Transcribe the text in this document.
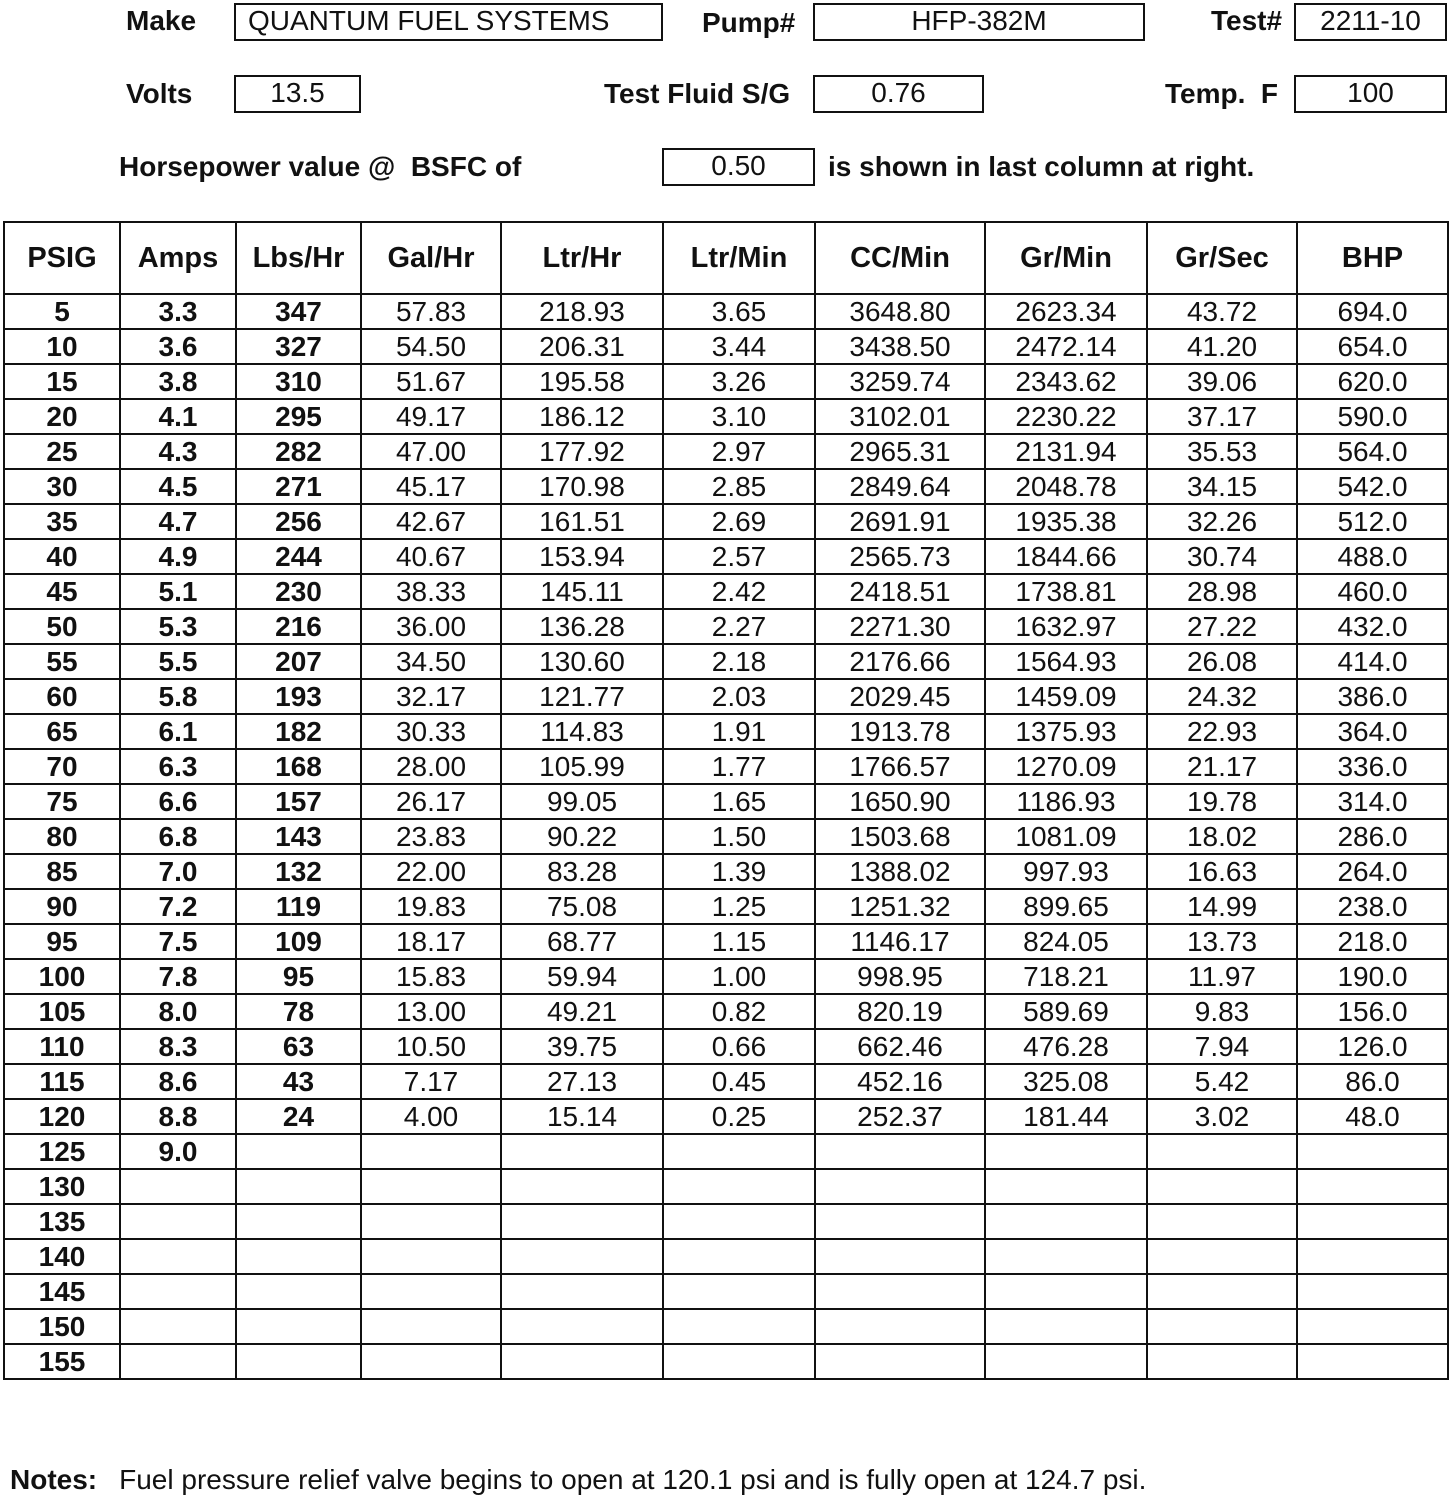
Make	QUANTUM FUEL SYSTEMS	Pump#	HFP-382M	Test#	2211-10
Volts	13.5	Test Fluid S/G	0.76	Temp.  F	100
Horsepower value @  BSFC of	0.50	is shown in last column at right.
PSIG	Amps	Lbs/Hr	Gal/Hr	Ltr/Hr	Ltr/Min	CC/Min	Gr/Min	Gr/Sec	BHP
5	3.3	347	57.83	218.93	3.65	3648.80	2623.34	43.72	694.0
10	3.6	327	54.50	206.31	3.44	3438.50	2472.14	41.20	654.0
15	3.8	310	51.67	195.58	3.26	3259.74	2343.62	39.06	620.0
20	4.1	295	49.17	186.12	3.10	3102.01	2230.22	37.17	590.0
25	4.3	282	47.00	177.92	2.97	2965.31	2131.94	35.53	564.0
30	4.5	271	45.17	170.98	2.85	2849.64	2048.78	34.15	542.0
35	4.7	256	42.67	161.51	2.69	2691.91	1935.38	32.26	512.0
40	4.9	244	40.67	153.94	2.57	2565.73	1844.66	30.74	488.0
45	5.1	230	38.33	145.11	2.42	2418.51	1738.81	28.98	460.0
50	5.3	216	36.00	136.28	2.27	2271.30	1632.97	27.22	432.0
55	5.5	207	34.50	130.60	2.18	2176.66	1564.93	26.08	414.0
60	5.8	193	32.17	121.77	2.03	2029.45	1459.09	24.32	386.0
65	6.1	182	30.33	114.83	1.91	1913.78	1375.93	22.93	364.0
70	6.3	168	28.00	105.99	1.77	1766.57	1270.09	21.17	336.0
75	6.6	157	26.17	99.05	1.65	1650.90	1186.93	19.78	314.0
80	6.8	143	23.83	90.22	1.50	1503.68	1081.09	18.02	286.0
85	7.0	132	22.00	83.28	1.39	1388.02	997.93	16.63	264.0
90	7.2	119	19.83	75.08	1.25	1251.32	899.65	14.99	238.0
95	7.5	109	18.17	68.77	1.15	1146.17	824.05	13.73	218.0
100	7.8	95	15.83	59.94	1.00	998.95	718.21	11.97	190.0
105	8.0	78	13.00	49.21	0.82	820.19	589.69	9.83	156.0
110	8.3	63	10.50	39.75	0.66	662.46	476.28	7.94	126.0
115	8.6	43	7.17	27.13	0.45	452.16	325.08	5.42	86.0
120	8.8	24	4.00	15.14	0.25	252.37	181.44	3.02	48.0
125	9.0								
130									
135									
140									
145									
150									
155									
Notes: Fuel pressure relief valve begins to open at 120.1 psi and is fully open at 124.7 psi.
